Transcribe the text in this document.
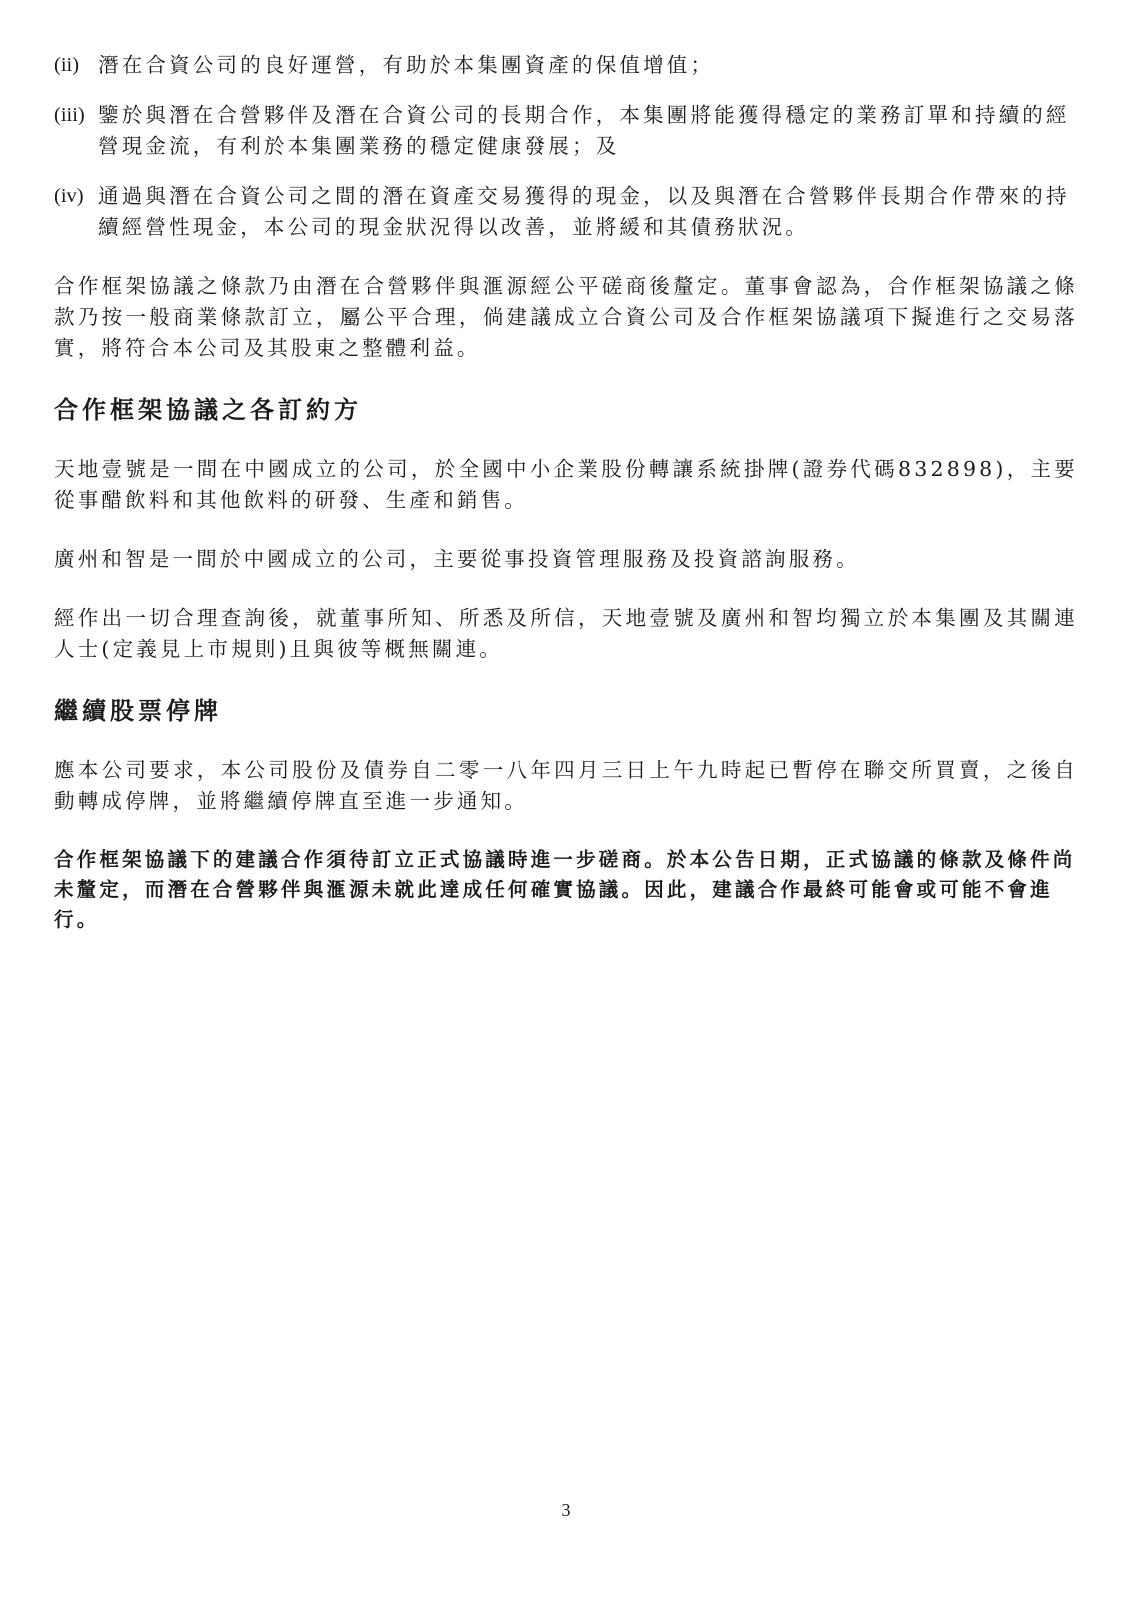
(ii) 潛在合資公司的良好運營，有助於本集團資產的保值增值；
(iii) 鑒於與潛在合營夥伴及潛在合資公司的長期合作，本集團將能獲得穩定的業務訂單和持續的經營現金流，有利於本集團業務的穩定健康發展；及
(iv) 通過與潛在合資公司之間的潛在資產交易獲得的現金，以及與潛在合營夥伴長期合作帶來的持續經營性現金，本公司的現金狀況得以改善，並將緩和其債務狀況。

合作框架協議之條款乃由潛在合營夥伴與滙源經公平磋商後釐定。董事會認為，合作框架協議之條款乃按一般商業條款訂立，屬公平合理，倘建議成立合資公司及合作框架協議項下擬進行之交易落實，將符合本公司及其股東之整體利益。

合作框架協議之各訂約方

天地壹號是一間在中國成立的公司，於全國中小企業股份轉讓系統掛牌(證券代碼832898)，主要從事醋飲料和其他飲料的研發、生產和銷售。

廣州和智是一間於中國成立的公司，主要從事投資管理服務及投資諮詢服務。

經作出一切合理查詢後，就董事所知、所悉及所信，天地壹號及廣州和智均獨立於本集團及其關連人士(定義見上市規則)且與彼等概無關連。

繼續股票停牌

應本公司要求，本公司股份及債券自二零一八年四月三日上午九時起已暫停在聯交所買賣，之後自動轉成停牌，並將繼續停牌直至進一步通知。

合作框架協議下的建議合作須待訂立正式協議時進一步磋商。於本公告日期，正式協議的條款及條件尚未釐定，而潛在合營夥伴與滙源未就此達成任何確實協議。因此，建議合作最終可能會或可能不會進行。

3
